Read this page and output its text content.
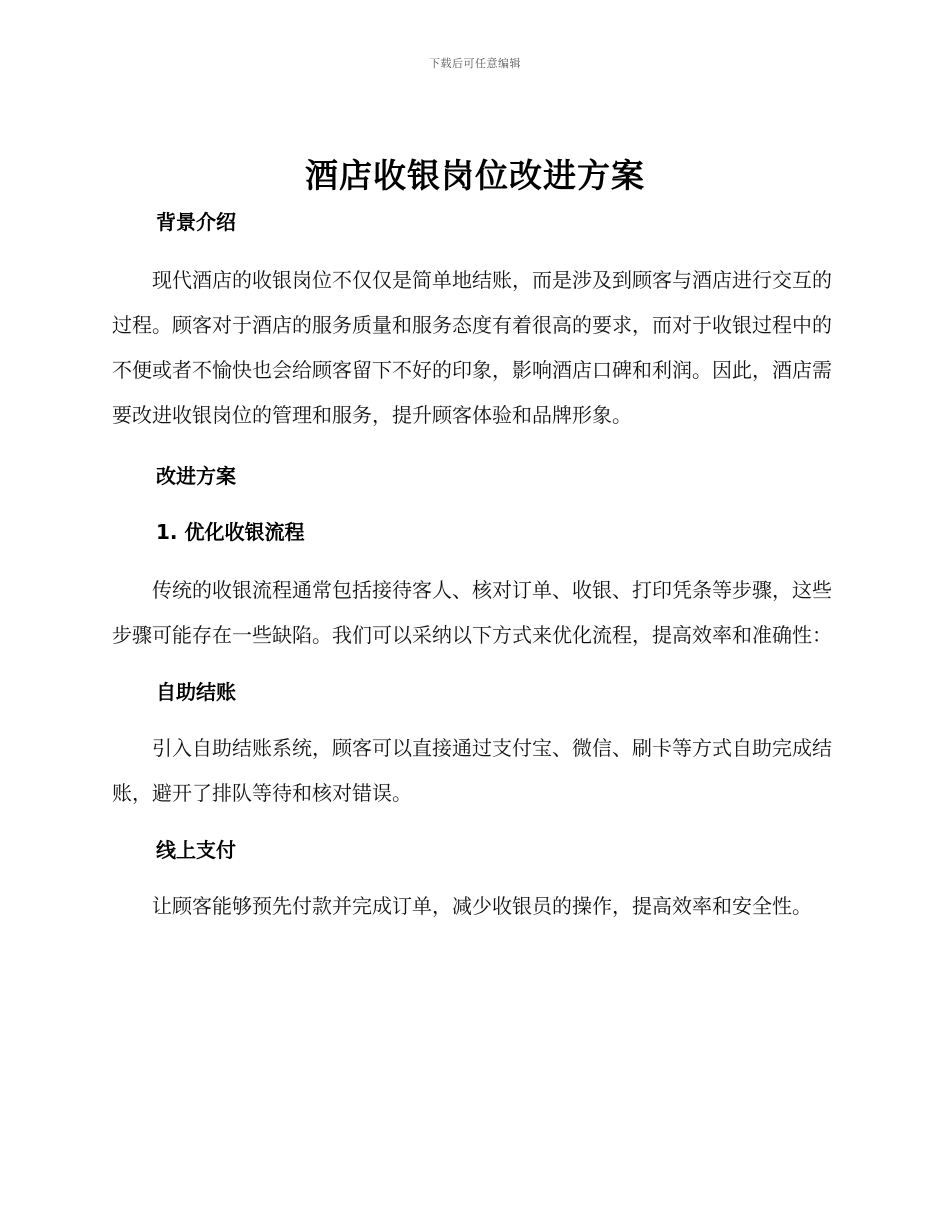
下载后可任意编辑
酒店收银岗位改进方案
背景介绍

现代酒店的收银岗位不仅仅是简单地结账，而是涉及到顾客与酒店进行交互的过程。顾客对于酒店的服务质量和服务态度有着很高的要求，而对于收银过程中的不便或者不愉快也会给顾客留下不好的印象，影响酒店口碑和利润。因此，酒店需要改进收银岗位的管理和服务，提升顾客体验和品牌形象。

改进方案
1. 优化收银流程

传统的收银流程通常包括接待客人、核对订单、收银、打印凭条等步骤，这些步骤可能存在一些缺陷。我们可以采纳以下方式来优化流程，提高效率和准确性：

自助结账

引入自助结账系统，顾客可以直接通过支付宝、微信、刷卡等方式自助完成结账，避开了排队等待和核对错误。

线上支付

让顾客能够预先付款并完成订单，减少收银员的操作，提高效率和安全性。
